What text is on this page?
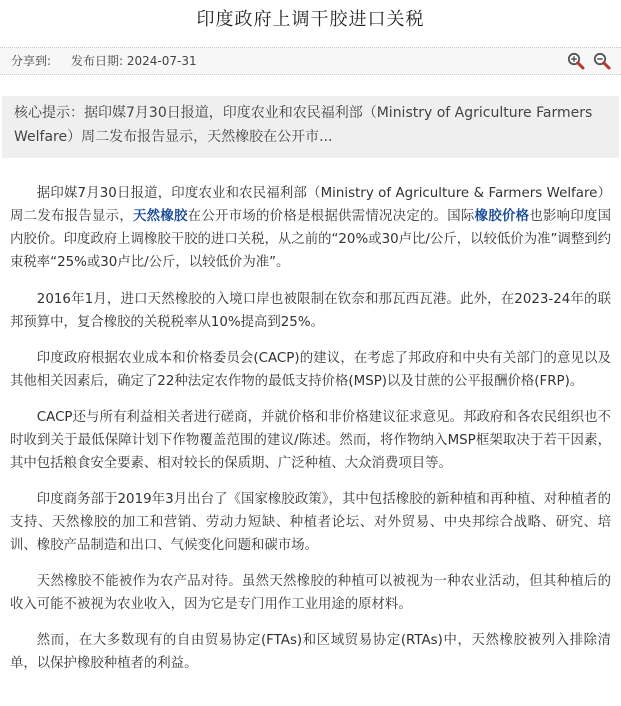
印度政府上调干胶进口关税
分享到: 发布日期: 2024-07-31

核心提示：据印媒7月30日报道，印度农业和农民福利部（Ministry of Agriculture Farmers Welfare）周二发布报告显示，天然橡胶在公开市...

据印媒7月30日报道，印度农业和农民福利部（Ministry of Agriculture & Farmers Welfare）周二发布报告显示，天然橡胶在公开市场的价格是根据供需情况决定的。国际橡胶价格也影响印度国内胶价。印度政府上调橡胶干胶的进口关税，从之前的“20%或30卢比/公斤，以较低价为准”调整到约束税率“25%或30卢比/公斤，以较低价为准”。

2016年1月，进口天然橡胶的入境口岸也被限制在钦奈和那瓦西瓦港。此外，在2023-24年的联邦预算中，复合橡胶的关税税率从10%提高到25%。

印度政府根据农业成本和价格委员会(CACP)的建议，在考虑了邦政府和中央有关部门的意见以及其他相关因素后，确定了22种法定农作物的最低支持价格(MSP)以及甘蔗的公平报酬价格(FRP)。

CACP还与所有利益相关者进行磋商，并就价格和非价格建议征求意见。邦政府和各农民组织也不时收到关于最低保障计划下作物覆盖范围的建议/陈述。然而，将作物纳入MSP框架取决于若干因素，其中包括粮食安全要素、相对较长的保质期、广泛种植、大众消费项目等。

印度商务部于2019年3月出台了《国家橡胶政策》，其中包括橡胶的新种植和再种植、对种植者的支持、天然橡胶的加工和营销、劳动力短缺、种植者论坛、对外贸易、中央邦综合战略、研究、培训、橡胶产品制造和出口、气候变化问题和碳市场。

天然橡胶不能被作为农产品对待。虽然天然橡胶的种植可以被视为一种农业活动，但其种植后的收入可能不被视为农业收入，因为它是专门用作工业用途的原材料。

然而，在大多数现有的自由贸易协定(FTAs)和区域贸易协定(RTAs)中，天然橡胶被列入排除清单，以保护橡胶种植者的利益。
